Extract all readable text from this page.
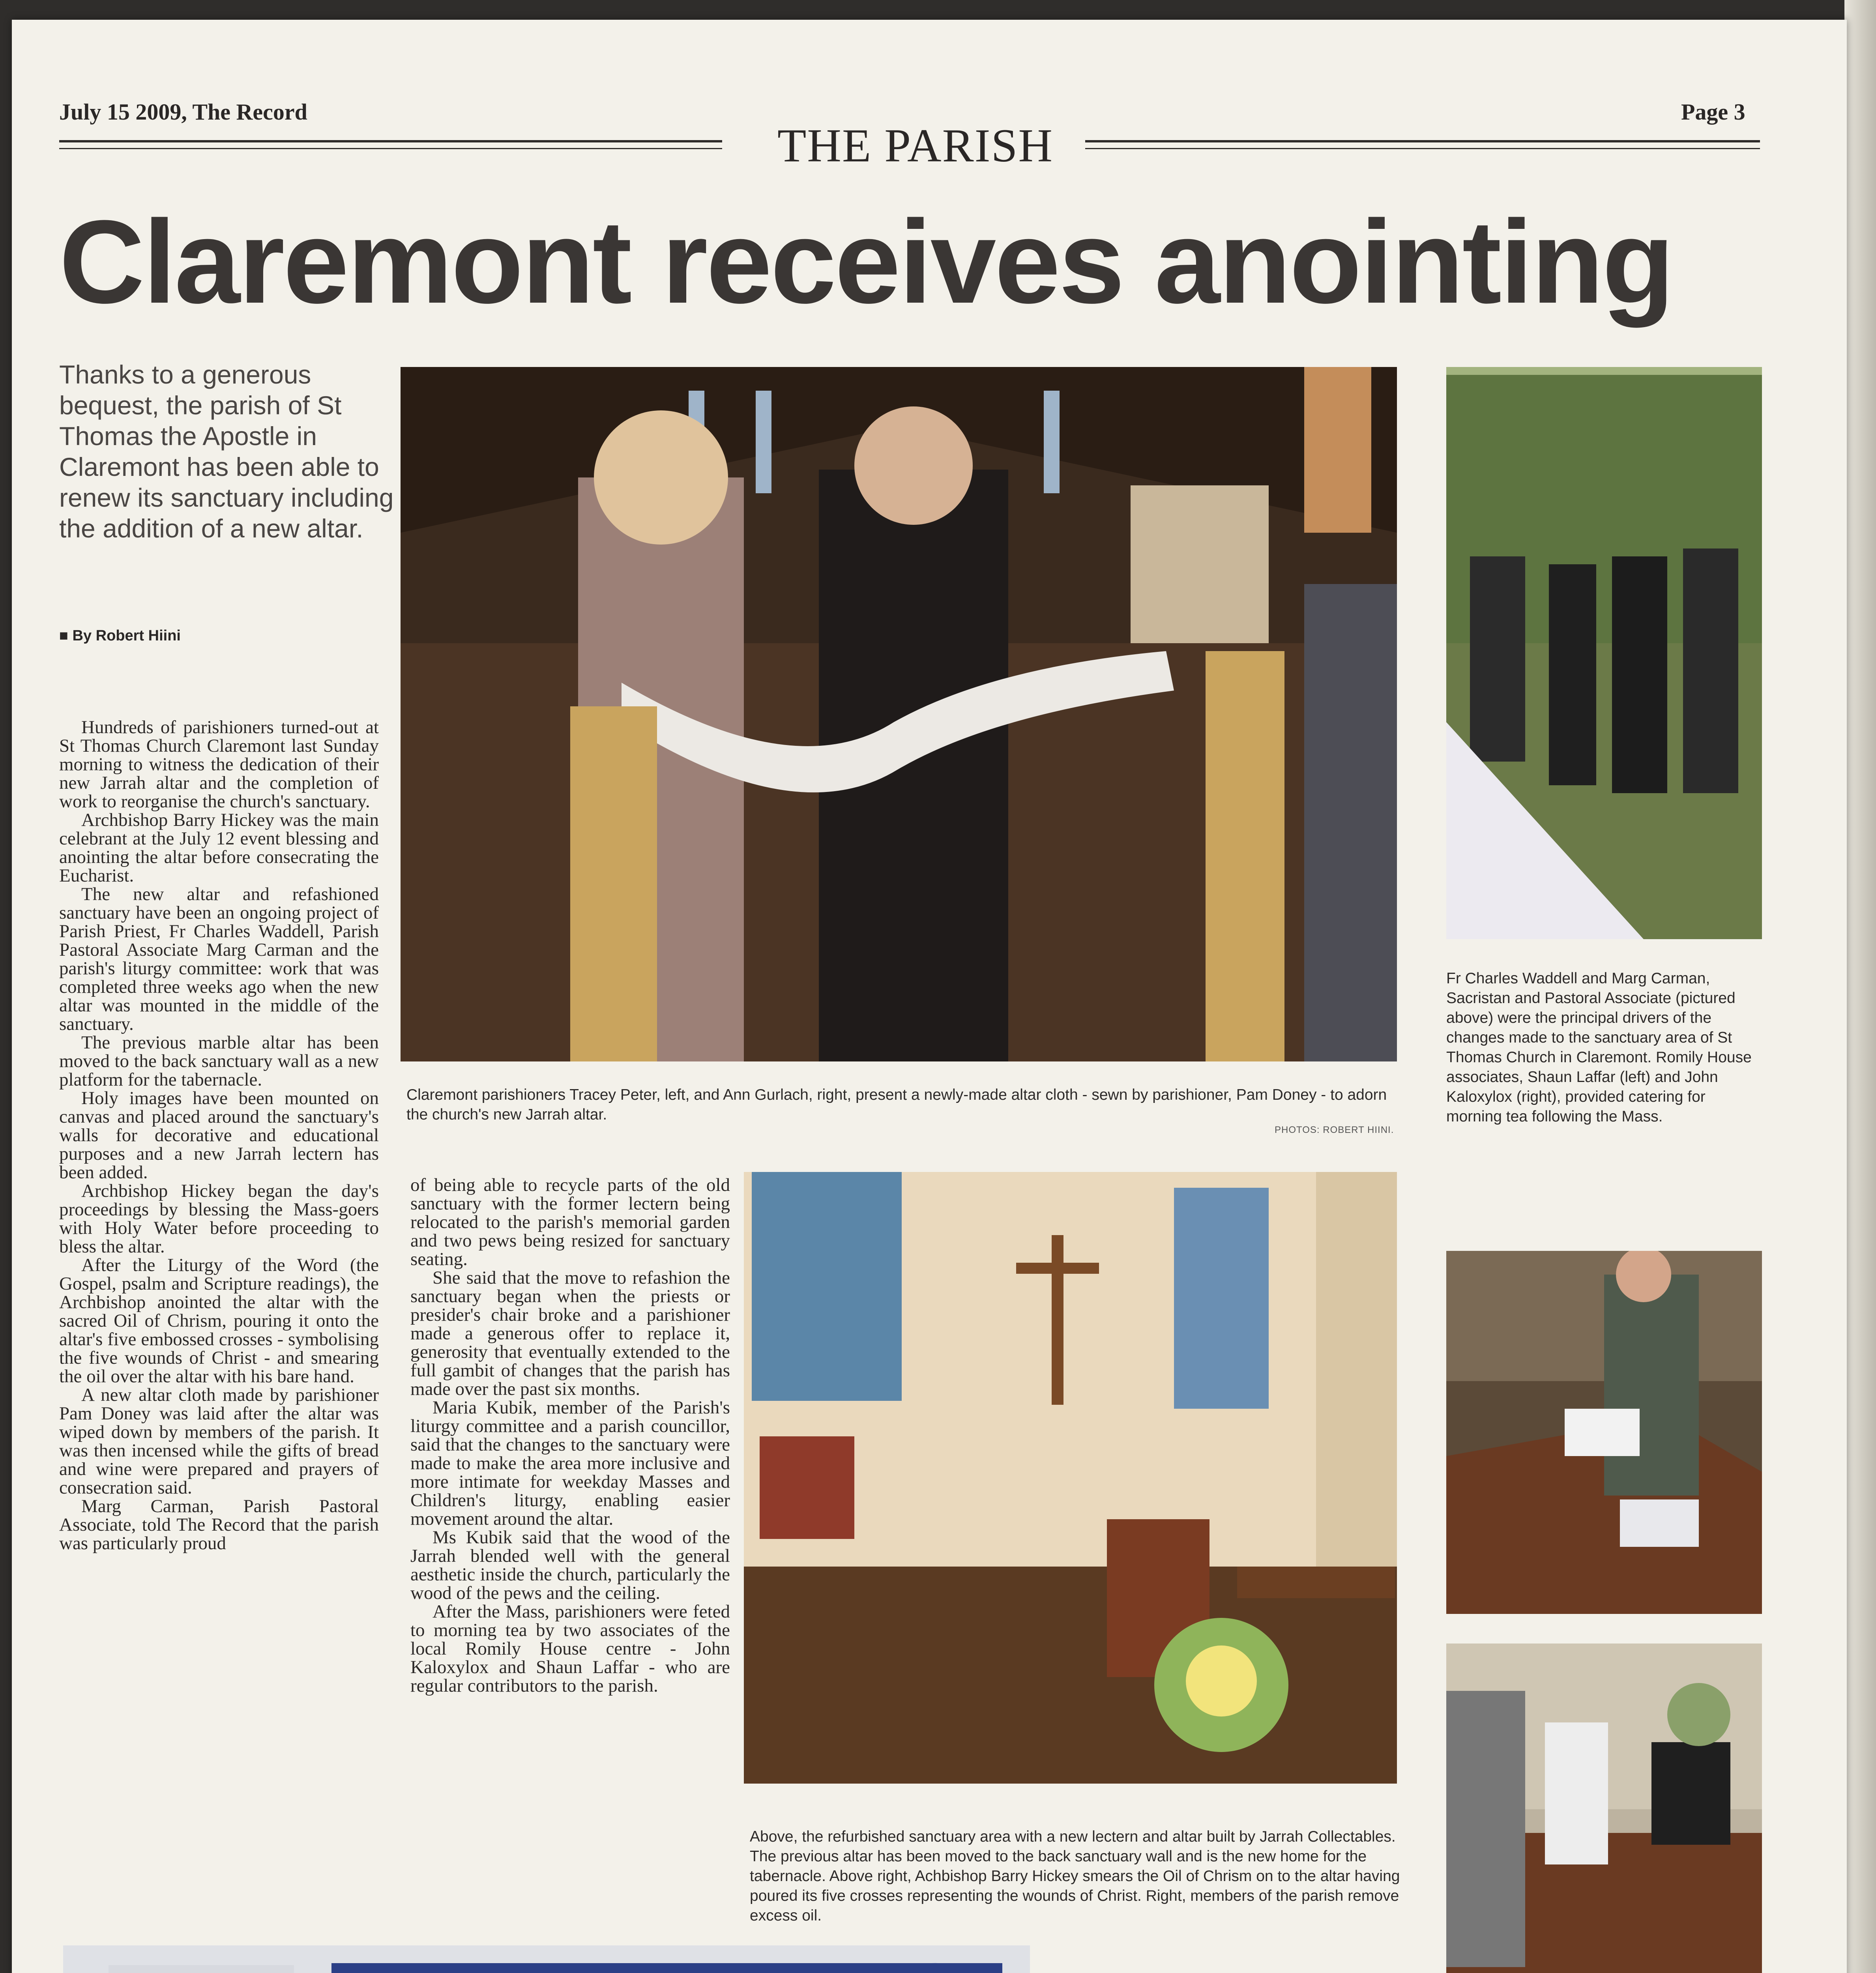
July 15 2009, The Record	Page 3
THE PARISH
Claremont receives anointing
Thanks to a generous
bequest, the parish of St
Thomas the Apostle in
Claremont has been able to
renew its sanctuary including
the addition of a new altar.
■ By Robert Hiini

Hundreds of parishioners turned-out at St Thomas Church Claremont last Sunday morning to witness the dedication of their new Jarrah altar and the completion of work to reorganise the church's sanctuary.

Archbishop Barry Hickey was the main celebrant at the July 12 event blessing and anointing the altar before consecrating the Eucharist.

The new altar and refashioned sanctuary have been an ongoing project of Parish Priest, Fr Charles Waddell, Parish Pastoral Associate Marg Carman and the parish's liturgy committee: work that was completed three weeks ago when the new altar was mounted in the middle of the sanctuary.

The previous marble altar has been moved to the back sanctuary wall as a new platform for the tabernacle.

Holy images have been mounted on canvas and placed around the sanctuary's walls for decorative and educational purposes and a new Jarrah lectern has been added.

Archbishop Hickey began the day's proceedings by blessing the Mass-goers with Holy Water before proceeding to bless the altar.

After the Liturgy of the Word (the Gospel, psalm and Scripture readings), the Archbishop anointed the altar with the sacred Oil of Chrism, pouring it onto the altar's five embossed crosses - symbolising the five wounds of Christ - and smearing the oil over the altar with his bare hand.

A new altar cloth made by parishioner Pam Doney was laid after the altar was wiped down by members of the parish. It was then incensed while the gifts of bread and wine were prepared and prayers of consecration said.

Marg Carman, Parish Pastoral Associate, told The Record that the parish was particularly proud

Claremont parishioners Tracey Peter, left, and Ann Gurlach, right, present a newly-made altar cloth - sewn by parishioner, Pam Doney - to adorn the church's new Jarrah altar.
PHOTOS: ROBERT HIINI.
Fr Charles Waddell and Marg Carman, Sacristan and Pastoral Associate (pictured above) were the principal drivers of the changes made to the sanctuary area of St Thomas Church in Claremont. Romily House associates, Shaun Laffar (left) and John Kaloxylox (right), provided catering for morning tea following the Mass.

of being able to recycle parts of the old sanctuary with the former lectern being relocated to the parish's memorial garden and two pews being resized for sanctuary seating.

She said that the move to refashion the sanctuary began when the priests or presider's chair broke and a parishioner made a generous offer to replace it, generosity that eventually extended to the full gambit of changes that the parish has made over the past six months.

Maria Kubik, member of the Parish's liturgy committee and a parish councillor, said that the changes to the sanctuary were made to make the area more inclusive and more intimate for weekday Masses and Children's liturgy, enabling easier movement around the altar.

Ms Kubik said that the wood of the Jarrah blended well with the general aesthetic inside the church, particularly the wood of the pews and the ceiling.

After the Mass, parishioners were feted to morning tea by two associates of the local Romily House centre - John Kaloxylox and Shaun Laffar - who are regular contributors to the parish.

Above, the refurbished sanctuary area with a new lectern and altar built by Jarrah Collectables. The previous altar has been moved to the back sanctuary wall and is the new home for the tabernacle. Above right, Achbishop Barry Hickey smears the Oil of Chrism on to the altar having poured its five crosses representing the wounds of Christ. Right, members of the parish remove excess oil.
